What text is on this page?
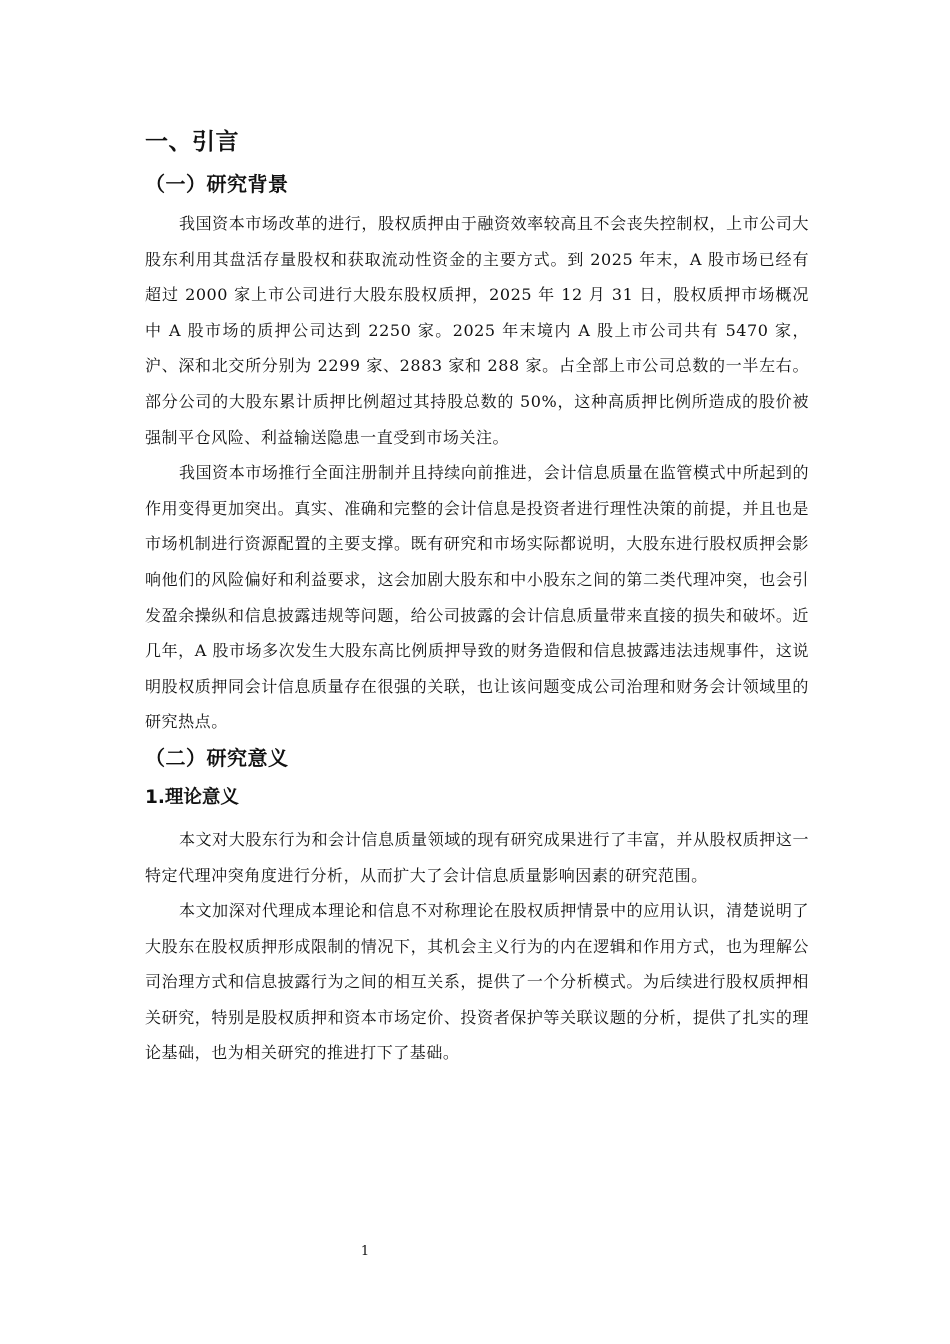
一、引言
（一）研究背景

我国资本市场改革的进行，股权质押由于融资效率较高且不会丧失控制权，上市公司大股东利用其盘活存量股权和获取流动性资金的主要方式。到 2025 年末，A 股市场已经有超过 2000 家上市公司进行大股东股权质押，2025 年 12 月 31 日，股权质押市场概况中 A 股市场的质押公司达到 2250 家。2025 年末境内 A 股上市公司共有 5470 家，沪、深和北交所分别为 2299 家、2883 家和 288 家。占全部上市公司总数的一半左右。部分公司的大股东累计质押比例超过其持股总数的 50%，这种高质押比例所造成的股价被强制平仓风险、利益输送隐患一直受到市场关注。

我国资本市场推行全面注册制并且持续向前推进，会计信息质量在监管模式中所起到的作用变得更加突出。真实、准确和完整的会计信息是投资者进行理性决策的前提，并且也是市场机制进行资源配置的主要支撑。既有研究和市场实际都说明，大股东进行股权质押会影响他们的风险偏好和利益要求，这会加剧大股东和中小股东之间的第二类代理冲突，也会引发盈余操纵和信息披露违规等问题，给公司披露的会计信息质量带来直接的损失和破坏。近几年，A 股市场多次发生大股东高比例质押导致的财务造假和信息披露违法违规事件，这说明股权质押同会计信息质量存在很强的关联，也让该问题变成公司治理和财务会计领域里的研究热点。

（二）研究意义
1.理论意义

本文对大股东行为和会计信息质量领域的现有研究成果进行了丰富，并从股权质押这一特定代理冲突角度进行分析，从而扩大了会计信息质量影响因素的研究范围。

本文加深对代理成本理论和信息不对称理论在股权质押情景中的应用认识，清楚说明了大股东在股权质押形成限制的情况下，其机会主义行为的内在逻辑和作用方式，也为理解公司治理方式和信息披露行为之间的相互关系，提供了一个分析模式。为后续进行股权质押相关研究，特别是股权质押和资本市场定价、投资者保护等关联议题的分析，提供了扎实的理论基础，也为相关研究的推进打下了基础。

1
